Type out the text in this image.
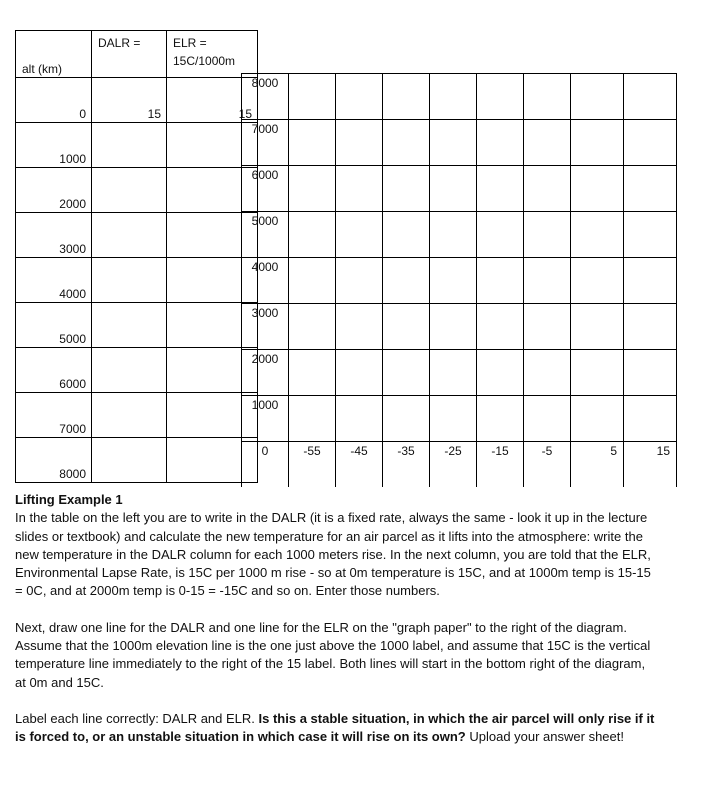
alt (km)	DALR =	ELR =
15C/1000m

0	15	15
1000		
2000		
3000		
4000		
5000		
6000		
7000		
8000		
8000								
7000								
6000								
5000								
4000								
3000								
2000								
1000								
0	-55	-45	-35	-25	-15	-5	5	15

Lifting Example 1

In the table on the left you are to write in the DALR (it is a fixed rate, always the same - look it up in the lecture slides or textbook) and calculate the new temperature for an air parcel as it lifts into the atmosphere: write the new temperature in the DALR column for each 1000 meters rise. In the next column, you are told that the ELR, Environmental Lapse Rate, is 15C per 1000 m rise - so at 0m temperature is 15C, and at 1000m temp is 15-15 = 0C, and at 2000m temp is 0-15 = -15C and so on. Enter those numbers.

Next, draw one line for the DALR and one line for the ELR on the "graph paper" to the right of the diagram. Assume that the 1000m elevation line is the one just above the 1000 label, and assume that 15C is the vertical temperature line immediately to the right of the 15 label. Both lines will start in the bottom right of the diagram, at 0m and 15C.

Label each line correctly: DALR and ELR. Is this a stable situation, in which the air parcel will only rise if it is forced to, or an unstable situation in which case it will rise on its own? Upload your answer sheet!
